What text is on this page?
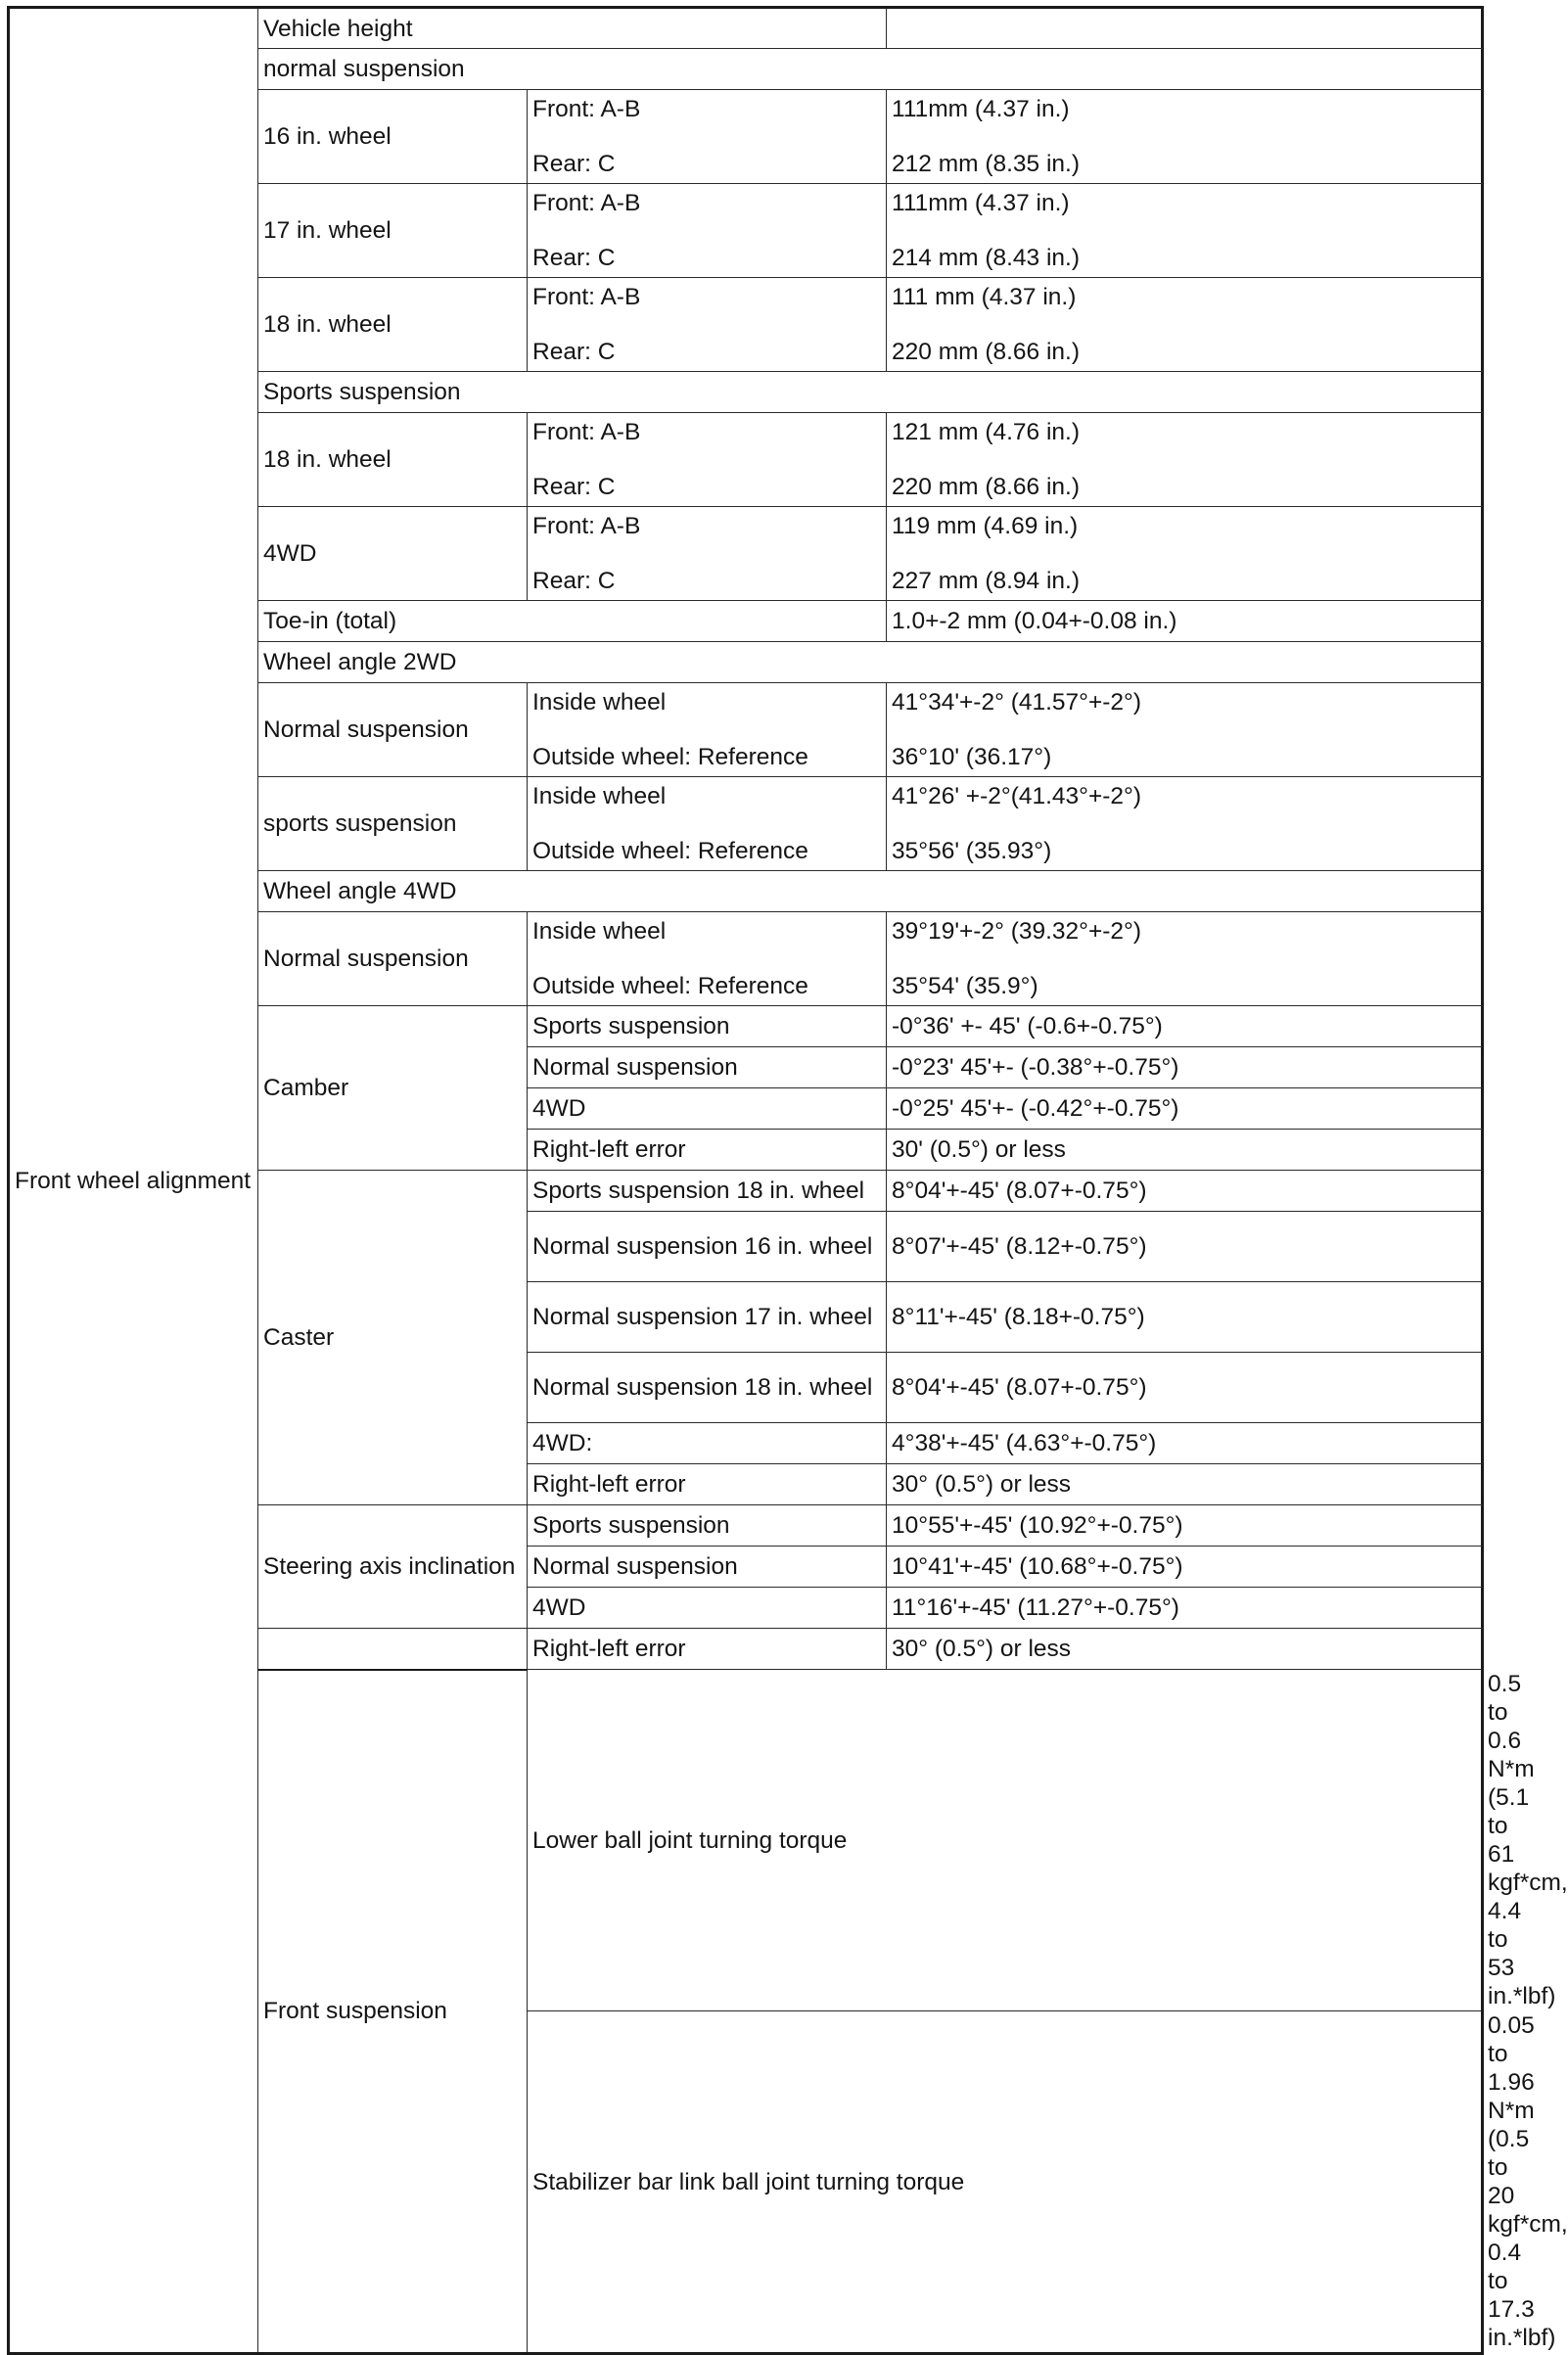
Front wheel alignment	Vehicle height			
	normal suspension			
	16 in. wheel	Front: A-B	111mm (4.37 in.)	
		Rear: C	212 mm (8.35 in.)	
	17 in. wheel	Front: A-B	111mm (4.37 in.)	
		Rear: C	214 mm (8.43 in.)	
	18 in. wheel	Front: A-B	111 mm (4.37 in.)	
		Rear: C	220 mm (8.66 in.)	
	Sports suspension			
	18 in. wheel	Front: A-B	121 mm (4.76 in.)	
		Rear: C	220 mm (8.66 in.)	
	4WD	Front: A-B	119 mm (4.69 in.)	
		Rear: C	227 mm (8.94 in.)	
	Toe-in (total)		1.0+-2 mm (0.04+-0.08 in.)	
	Wheel angle 2WD			
	Normal suspension	Inside wheel	41°34'+-2° (41.57°+-2°)	
		Outside wheel: Reference	36°10' (36.17°)	
	sports suspension	Inside wheel	41°26' +-2°(41.43°+-2°)	
		Outside wheel: Reference	35°56' (35.93°)	
	Wheel angle 4WD			
	Normal suspension	Inside wheel	39°19'+-2° (39.32°+-2°)	
		Outside wheel: Reference	35°54' (35.9°)	
	Camber	Sports suspension	-0°36' +- 45' (-0.6+-0.75°)	
		Normal suspension	-0°23' 45'+- (-0.38°+-0.75°)	
		4WD	-0°25' 45'+- (-0.42°+-0.75°)	
		Right-left error	30' (0.5°) or less	
	Caster	Sports suspension 18 in. wheel	8°04'+-45' (8.07+-0.75°)	
		Normal suspension 16 in. wheel	8°07'+-45' (8.12+-0.75°)	
		Normal suspension 17 in. wheel	8°11'+-45' (8.18+-0.75°)	
		Normal suspension 18 in. wheel	8°04'+-45' (8.07+-0.75°)	
		4WD:	4°38'+-45' (4.63°+-0.75°)	
		Right-left error	30° (0.5°) or less	
	Steering axis inclination	Sports suspension	10°55'+-45' (10.92°+-0.75°)	
		Normal suspension	10°41'+-45' (10.68°+-0.75°)	
		4WD	11°16'+-45' (11.27°+-0.75°)	
		Right-left error	30° (0.5°) or less	
	Front suspension	Lower ball joint turning torque		0.5 to 0.6 N*m (5.1 to 61 kgf*cm, 4.4 to 53 in.*lbf)
		Stabilizer bar link ball joint turning torque		0.05 to 1.96 N*m (0.5 to 20 kgf*cm, 0.4 to 17.3 in.*lbf)
